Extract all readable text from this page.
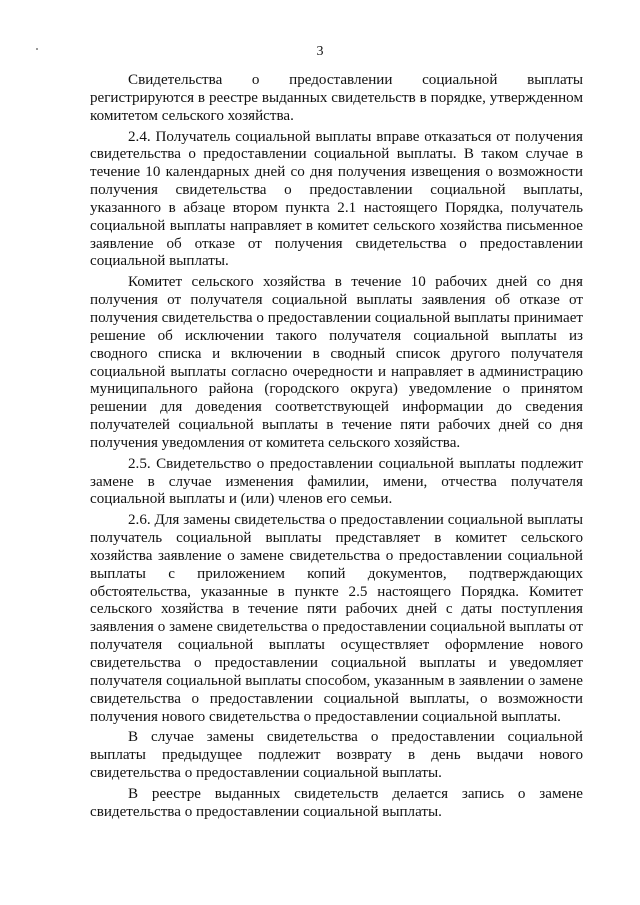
3

Свидетельства о предоставлении социальной выплаты регистрируются в реестре выданных свидетельств в порядке, утвержденном комитетом сельского хозяйства.

2.4. Получатель социальной выплаты вправе отказаться от получения свидетельства о предоставлении социальной выплаты. В таком случае в течение 10 календарных дней со дня получения извещения о возможности получения свидетельства о предоставлении социальной выплаты, указанного в абзаце втором пункта 2.1 настоящего Порядка, получатель социальной выплаты направляет в комитет сельского хозяйства письменное заявление об отказе от получения свидетельства о предоставлении социальной выплаты.

Комитет сельского хозяйства в течение 10 рабочих дней со дня получения от получателя социальной выплаты заявления об отказе от получения свидетельства о предоставлении социальной выплаты принимает решение об исключении такого получателя социальной выплаты из сводного списка и включении в сводный список другого получателя социальной выплаты согласно очередности и направляет в администрацию муниципального района (городского округа) уведомление о принятом решении для доведения соответствующей информации до сведения получателей социальной выплаты в течение пяти рабочих дней со дня получения уведомления от комитета сельского хозяйства.

2.5. Свидетельство о предоставлении социальной выплаты подлежит замене в случае изменения фамилии, имени, отчества получателя социальной выплаты и (или) членов его семьи.

2.6. Для замены свидетельства о предоставлении социальной выплаты получатель социальной выплаты представляет в комитет сельского хозяйства заявление о замене свидетельства о предоставлении социальной выплаты с приложением копий документов, подтверждающих обстоятельства, указанные в пункте 2.5 настоящего Порядка. Комитет сельского хозяйства в течение пяти рабочих дней с даты поступления заявления о замене свидетельства о предоставлении социальной выплаты от получателя социальной выплаты осуществляет оформление нового свидетельства о предоставлении социальной выплаты и уведомляет получателя социальной выплаты способом, указанным в заявлении о замене свидетельства о предоставлении социальной выплаты, о возможности получения нового свидетельства о предоставлении социальной выплаты.

В случае замены свидетельства о предоставлении социальной выплаты предыдущее подлежит возврату в день выдачи нового свидетельства о предоставлении социальной выплаты.

В реестре выданных свидетельств делается запись о замене свидетельства о предоставлении социальной выплаты.
